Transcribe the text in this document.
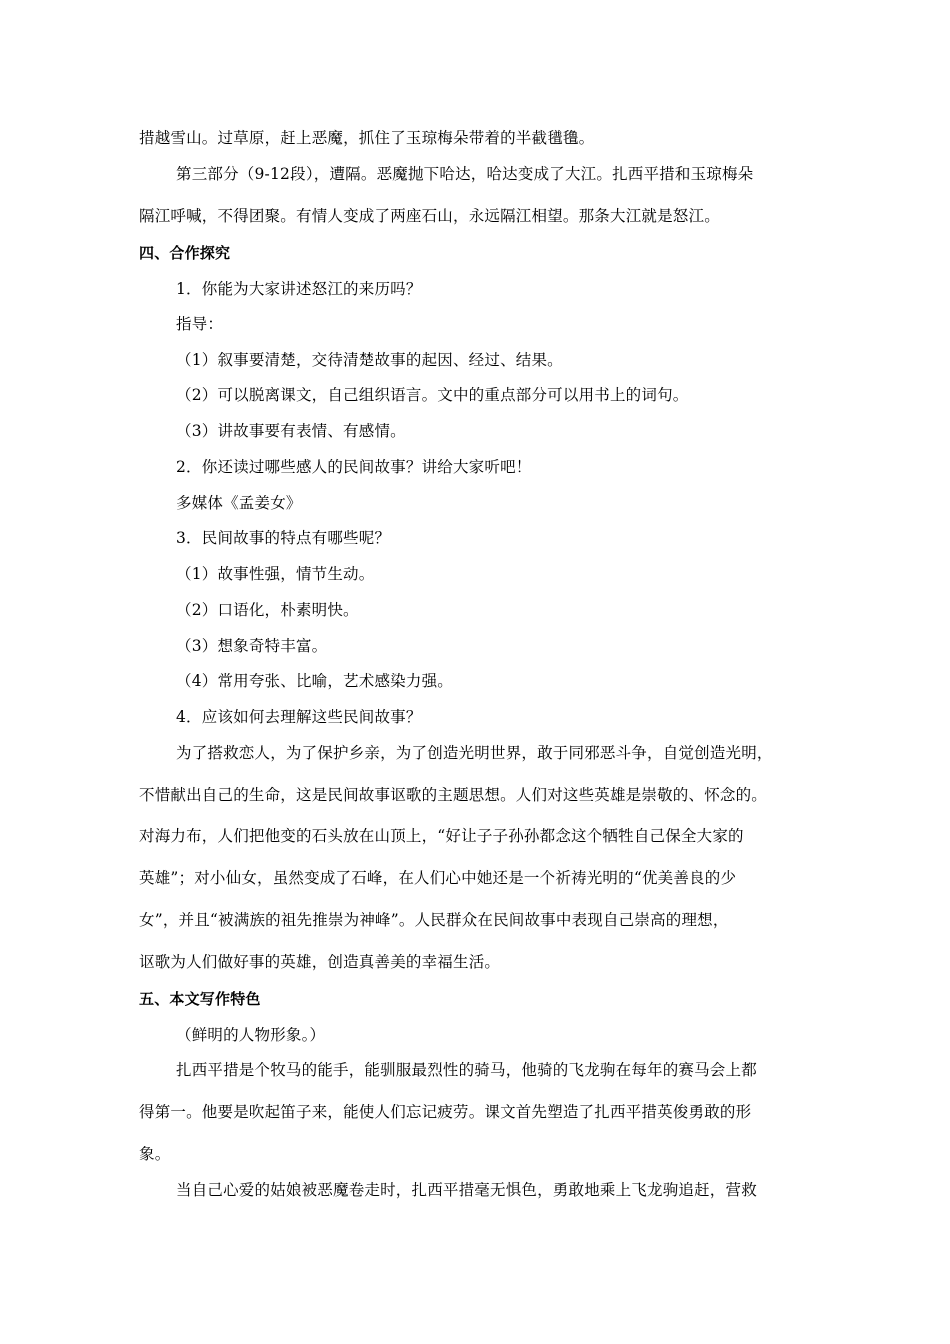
措越雪山。过草原，赶上恶魔，抓住了玉琼梅朵带着的半截氆氇。
第三部分（9-12段），遭隔。恶魔抛下哈达，哈达变成了大江。扎西平措和玉琼梅朵
隔江呼喊，不得团聚。有情人变成了两座石山，永远隔江相望。那条大江就是怒江。
四、合作探究
1．你能为大家讲述怒江的来历吗？
指导：
（1）叙事要清楚，交待清楚故事的起因、经过、结果。
（2）可以脱离课文，自己组织语言。文中的重点部分可以用书上的词句。
（3）讲故事要有表情、有感情。
2．你还读过哪些感人的民间故事？讲给大家听吧！
多媒体《孟姜女》
3．民间故事的特点有哪些呢？
（1）故事性强，情节生动。
（2）口语化，朴素明快。
（3）想象奇特丰富。
（4）常用夸张、比喻，艺术感染力强。
4．应该如何去理解这些民间故事？
为了搭救恋人，为了保护乡亲，为了创造光明世界，敢于同邪恶斗争，自觉创造光明，
不惜献出自己的生命，这是民间故事讴歌的主题思想。人们对这些英雄是崇敬的、怀念的。
对海力布，人们把他变的石头放在山顶上，“好让子子孙孙都念这个牺牲自己保全大家的
英雄”；对小仙女，虽然变成了石峰，在人们心中她还是一个祈祷光明的“优美善良的少
女”，并且“被满族的祖先推崇为神峰”。人民群众在民间故事中表现自己崇高的理想，
讴歌为人们做好事的英雄，创造真善美的幸福生活。
五、本文写作特色
（鲜明的人物形象。）
扎西平措是个牧马的能手，能驯服最烈性的骑马，他骑的飞龙驹在每年的赛马会上都
得第一。他要是吹起笛子来，能使人们忘记疲劳。课文首先塑造了扎西平措英俊勇敢的形
象。
当自己心爱的姑娘被恶魔卷走时，扎西平措毫无惧色，勇敢地乘上飞龙驹追赶，营救
